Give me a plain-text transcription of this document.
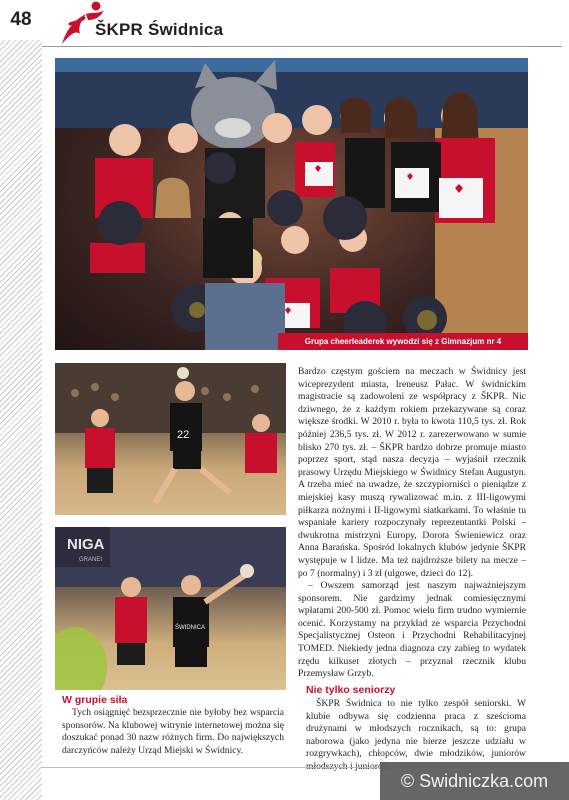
48	ŠKPR Świdnica
Grupa cheerleaderek wywodzi się z Gimnazjum nr 4
22
NIGA
GRANEI
ŚWIDNICA

Bardzo częstym gościem na meczach w Świdnicy jest wiceprezydent miasta, Ireneusz Pałac. W świdnickim magistracie są zadowoleni ze współpracy z ŠKPR. Nic dziwnego, że z każdym rokiem przekazywane są coraz większe środki. W 2010 r. była to kwota 110,5 tys. zł. Rok później 236,5 tys. zł. W 2012 r. zarezerwowano w sumie blisko 270 tys. zł. – ŠKPR bardzo dobrze promuje miasto poprzez sport, stąd nasza decyzja – wyjaśnił rzecznik prasowy Urzędu Miejskiego w Świdnicy Stefan Augustyn. A trzeba mieć na uwadze, że szczypiorniści o pieniądze z miejskiej kasy muszą rywalizować m.in. z III-ligowymi piłkarza nożnymi i II-ligowymi siatkarkami. To właśnie tu wspaniałe kariery rozpoczynały reprezentantki Polski – dwukrotna mistrzyni Europy, Dorota Świeniewicz oraz Anna Barańska. Spośród lokalnych klubów jedynie ŠKPR występuje w I lidze. Ma też najdroższe bilety na mecze – po 7 (normalny) i 3 zł (ulgowe, dzieci do 12).

– Owszem samorząd jest naszym najważniejszym sponsorem. Nie gardzimy jednak comiesięcznymi wpłatami 200-500 zł. Pomoc wielu firm trudno wymiernie ocenić. Korzystamy na przykład ze wsparcia Przychodni Specjalistycznej Osteon i Przychodni Rehabilitacyjnej TOMED. Niekiedy jedna diagnoza czy zabieg to wydatek rzędu kilkuset złotych – przyznał rzecznik klubu Przemysław Grzyb.

W grupie siła
Tych osiągnięć bezsprzecznie nie byłoby bez wsparcia sponsorów. Na klubowej witrynie internetowej można się doszukać ponad 30 nazw różnych firm. Do największych darczyńców należy Urząd Miejski w Świdnicy.
Nie tylko seniorzy
ŠKPR Świdnica to nie tylko zespół seniorski. W klubie odbywa się codzienna praca z sześcioma drużynami w młodszych rocznikach, są to: grupa naborowa (jako jedyna nie bierze jeszcze udziału w rozgrywkach), chłopców, dwie młodzików, juniorów
© Swidniczka.com
